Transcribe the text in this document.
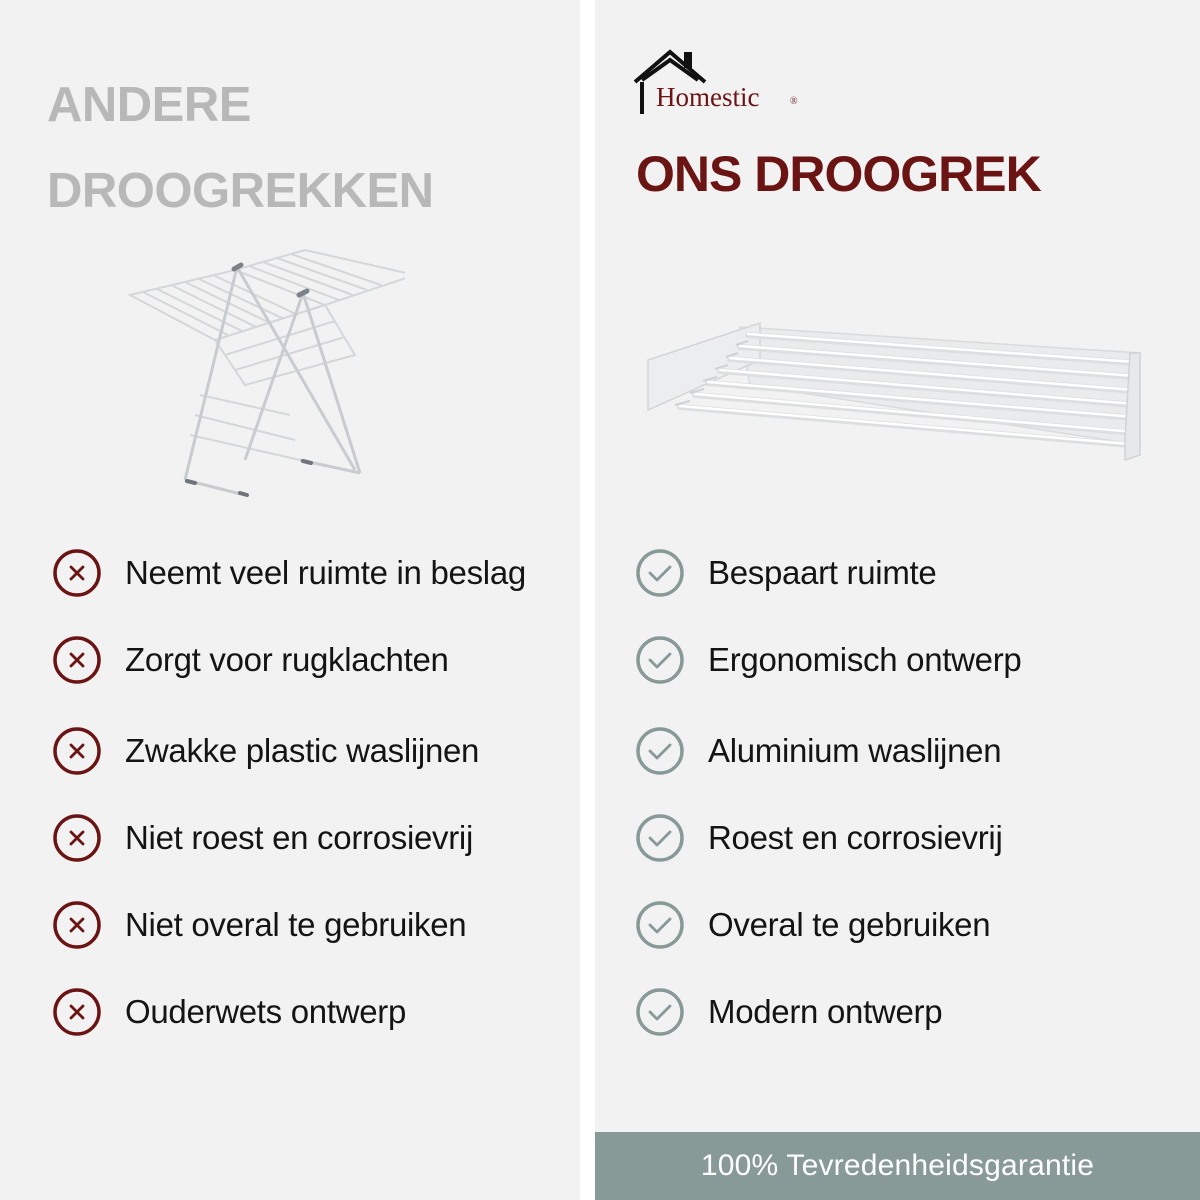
ANDERE
DROOGREKKEN
Homestic	®
ONS DROOGREK
Neemt veel ruimte in beslag
Zorgt voor rugklachten
Zwakke plastic waslijnen
Niet roest en corrosievrij
Niet overal te gebruiken
Ouderwets ontwerp
Bespaart ruimte
Ergonomisch ontwerp
Aluminium waslijnen
Roest en corrosievrij
Overal te gebruiken
Modern ontwerp
100% Tevredenheidsgarantie
